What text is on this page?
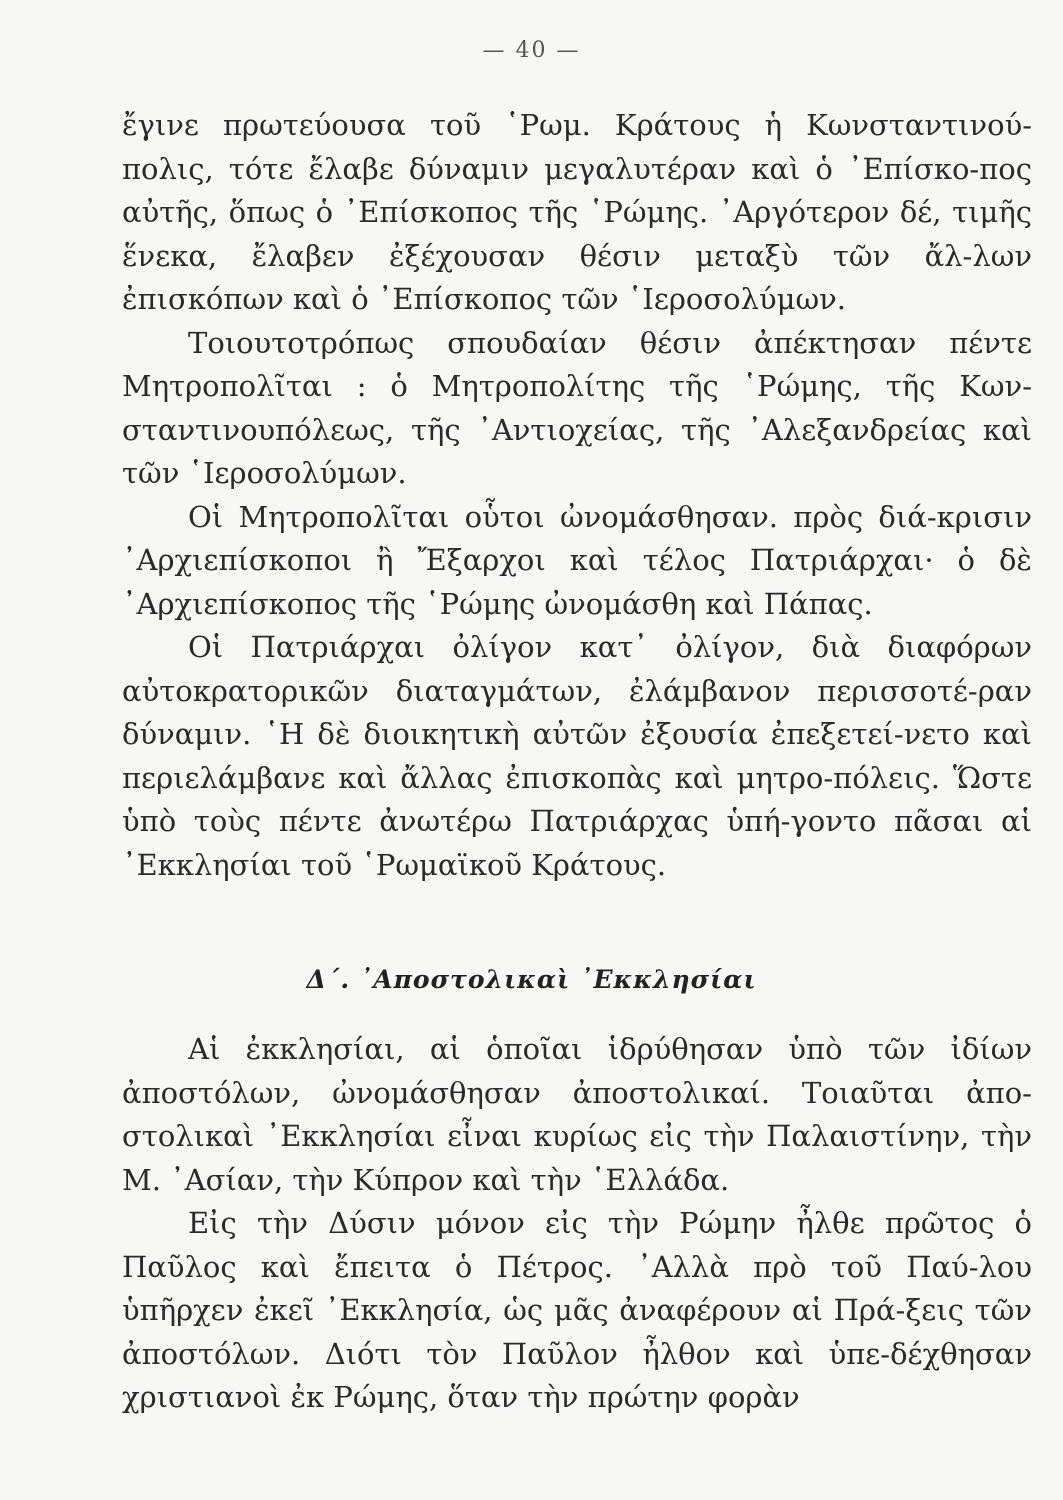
— 40 —

ἔγινε πρωτεύουσα τοῦ ῾Ρωμ. Κράτους ἡ Κωνσταντινού-πολις, τότε ἔλαβε δύναμιν μεγαλυτέραν καὶ ὁ ᾿Επίσκο-πος αὐτῆς, ὅπως ὁ ᾿Επίσκοπος τῆς ῾Ρώμης. ᾿Αργότερον δέ, τιμῆς ἕνεκα, ἔλαβεν ἐξέχουσαν θέσιν μεταξὺ τῶν ἄλ-λων ἐπισκόπων καὶ ὁ ᾿Επίσκοπος τῶν ῾Ιεροσολύμων.

Τοιουτοτρόπως σπουδαίαν θέσιν ἀπέκτησαν πέντε Μητροπολῖται : ὁ Μητροπολίτης τῆς ῾Ρώμης, τῆς Κων-σταντινουπόλεως, τῆς ᾿Αντιοχείας, τῆς ᾿Αλεξανδρείας καὶ τῶν ῾Ιεροσολύμων.

Οἱ Μητροπολῖται οὗτοι ὠνομάσθησαν. πρὸς διά-κρισιν ᾿Αρχιεπίσκοποι ἢ Ἔξαρχοι καὶ τέλος Πατριάρχαι· ὁ δὲ ᾿Αρχιεπίσκοπος τῆς ῾Ρώμης ὠνομάσθη καὶ Πάπας.

Οἱ Πατριάρχαι ὀλίγον κατ᾿ ὀλίγον, διὰ διαφόρων αὐτοκρατορικῶν διαταγμάτων, ἐλάμβανον περισσοτέ-ραν δύναμιν. ῾Η δὲ διοικητικὴ αὐτῶν ἐξουσία ἐπεξετεί-νετο καὶ περιελάμβανε καὶ ἄλλας ἐπισκοπὰς καὶ μητρο-πόλεις. Ὥστε ὑπὸ τοὺς πέντε ἀνωτέρω Πατριάρχας ὑπή-γοντο πᾶσαι αἱ ᾿Εκκλησίαι τοῦ ῾Ρωμαϊκοῦ Κράτους.

Δ΄. ᾿Αποστολικαὶ ᾿Εκκλησίαι

Αἱ ἐκκλησίαι, αἱ ὁποῖαι ἱδρύθησαν ὑπὸ τῶν ἰδίων ἀποστόλων, ὠνομάσθησαν ἀποστολικαί. Τοιαῦται ἀπο-στολικαὶ ᾿Εκκλησίαι εἶναι κυρίως εἰς τὴν Παλαιστίνην, τὴν Μ. ᾿Ασίαν, τὴν Κύπρον καὶ τὴν ῾Ελλάδα.

Εἰς τὴν Δύσιν μόνον εἰς τὴν Ρώμην ἦλθε πρῶτος ὁ Παῦλος καὶ ἔπειτα ὁ Πέτρος. ᾿Αλλὰ πρὸ τοῦ Παύ-λου ὑπῆρχεν ἐκεῖ ᾿Εκκλησία, ὡς μᾶς ἀναφέρουν αἱ Πρά-ξεις τῶν ἀποστόλων. Διότι τὸν Παῦλον ἦλθον καὶ ὑπε-δέχθησαν χριστιανοὶ ἐκ Ρώμης, ὅταν τὴν πρώτην φορὰν
